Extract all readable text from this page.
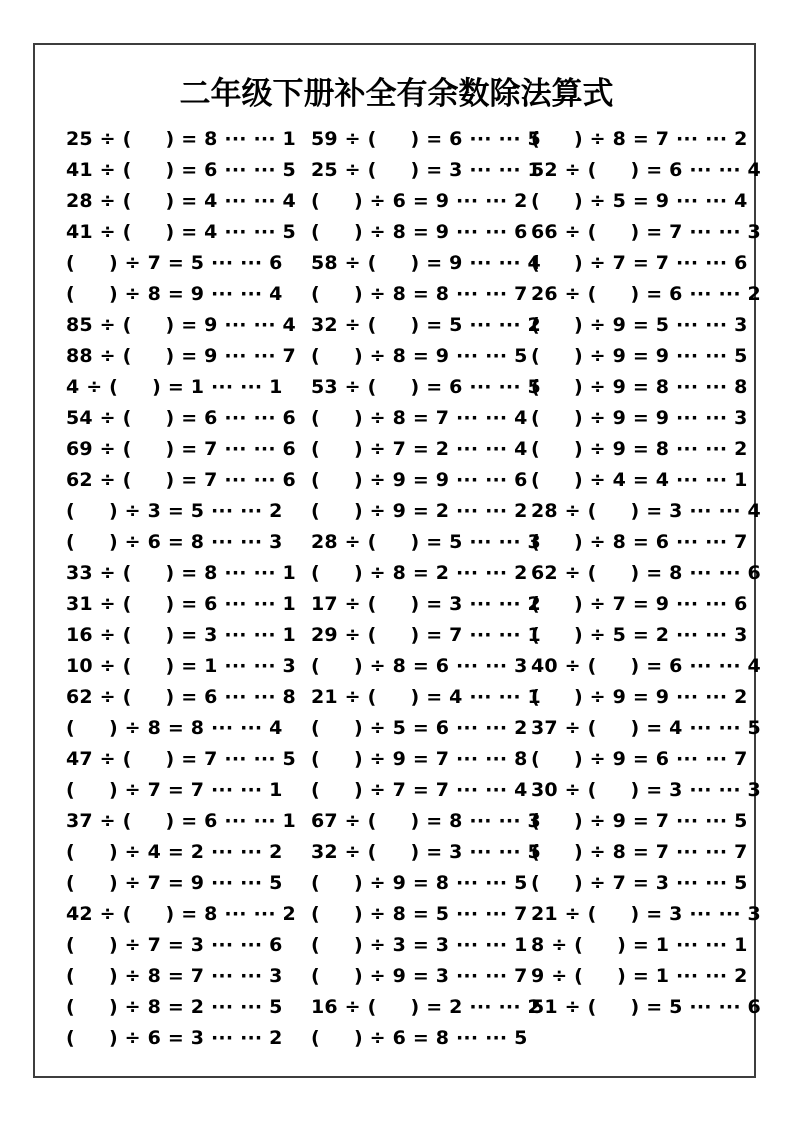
二年级下册补全有余数除法算式
25 ÷ (     ) = 8 ··· ··· 1
41 ÷ (     ) = 6 ··· ··· 5
28 ÷ (     ) = 4 ··· ··· 4
41 ÷ (     ) = 4 ··· ··· 5
(     ) ÷ 7 = 5 ··· ··· 6
(     ) ÷ 8 = 9 ··· ··· 4
85 ÷ (     ) = 9 ··· ··· 4
88 ÷ (     ) = 9 ··· ··· 7
4 ÷ (     ) = 1 ··· ··· 1
54 ÷ (     ) = 6 ··· ··· 6
69 ÷ (     ) = 7 ··· ··· 6
62 ÷ (     ) = 7 ··· ··· 6
(     ) ÷ 3 = 5 ··· ··· 2
(     ) ÷ 6 = 8 ··· ··· 3
33 ÷ (     ) = 8 ··· ··· 1
31 ÷ (     ) = 6 ··· ··· 1
16 ÷ (     ) = 3 ··· ··· 1
10 ÷ (     ) = 1 ··· ··· 3
62 ÷ (     ) = 6 ··· ··· 8
(     ) ÷ 8 = 8 ··· ··· 4
47 ÷ (     ) = 7 ··· ··· 5
(     ) ÷ 7 = 7 ··· ··· 1
37 ÷ (     ) = 6 ··· ··· 1
(     ) ÷ 4 = 2 ··· ··· 2
(     ) ÷ 7 = 9 ··· ··· 5
42 ÷ (     ) = 8 ··· ··· 2
(     ) ÷ 7 = 3 ··· ··· 6
(     ) ÷ 8 = 7 ··· ··· 3
(     ) ÷ 8 = 2 ··· ··· 5
(     ) ÷ 6 = 3 ··· ··· 2
59 ÷ (     ) = 6 ··· ··· 5
25 ÷ (     ) = 3 ··· ··· 1
(     ) ÷ 6 = 9 ··· ··· 2
(     ) ÷ 8 = 9 ··· ··· 6
58 ÷ (     ) = 9 ··· ··· 4
(     ) ÷ 8 = 8 ··· ··· 7
32 ÷ (     ) = 5 ··· ··· 2
(     ) ÷ 8 = 9 ··· ··· 5
53 ÷ (     ) = 6 ··· ··· 5
(     ) ÷ 8 = 7 ··· ··· 4
(     ) ÷ 7 = 2 ··· ··· 4
(     ) ÷ 9 = 9 ··· ··· 6
(     ) ÷ 9 = 2 ··· ··· 2
28 ÷ (     ) = 5 ··· ··· 3
(     ) ÷ 8 = 2 ··· ··· 2
17 ÷ (     ) = 3 ··· ··· 2
29 ÷ (     ) = 7 ··· ··· 1
(     ) ÷ 8 = 6 ··· ··· 3
21 ÷ (     ) = 4 ··· ··· 1
(     ) ÷ 5 = 6 ··· ··· 2
(     ) ÷ 9 = 7 ··· ··· 8
(     ) ÷ 7 = 7 ··· ··· 4
67 ÷ (     ) = 8 ··· ··· 3
32 ÷ (     ) = 3 ··· ··· 5
(     ) ÷ 9 = 8 ··· ··· 5
(     ) ÷ 8 = 5 ··· ··· 7
(     ) ÷ 3 = 3 ··· ··· 1
(     ) ÷ 9 = 3 ··· ··· 7
16 ÷ (     ) = 2 ··· ··· 2
(     ) ÷ 6 = 8 ··· ··· 5
(     ) ÷ 8 = 7 ··· ··· 2
52 ÷ (     ) = 6 ··· ··· 4
(     ) ÷ 5 = 9 ··· ··· 4
66 ÷ (     ) = 7 ··· ··· 3
(     ) ÷ 7 = 7 ··· ··· 6
26 ÷ (     ) = 6 ··· ··· 2
(     ) ÷ 9 = 5 ··· ··· 3
(     ) ÷ 9 = 9 ··· ··· 5
(     ) ÷ 9 = 8 ··· ··· 8
(     ) ÷ 9 = 9 ··· ··· 3
(     ) ÷ 9 = 8 ··· ··· 2
(     ) ÷ 4 = 4 ··· ··· 1
28 ÷ (     ) = 3 ··· ··· 4
(     ) ÷ 8 = 6 ··· ··· 7
62 ÷ (     ) = 8 ··· ··· 6
(     ) ÷ 7 = 9 ··· ··· 6
(     ) ÷ 5 = 2 ··· ··· 3
40 ÷ (     ) = 6 ··· ··· 4
(     ) ÷ 9 = 9 ··· ··· 2
37 ÷ (     ) = 4 ··· ··· 5
(     ) ÷ 9 = 6 ··· ··· 7
30 ÷ (     ) = 3 ··· ··· 3
(     ) ÷ 9 = 7 ··· ··· 5
(     ) ÷ 8 = 7 ··· ··· 7
(     ) ÷ 7 = 3 ··· ··· 5
21 ÷ (     ) = 3 ··· ··· 3
8 ÷ (     ) = 1 ··· ··· 1
9 ÷ (     ) = 1 ··· ··· 2
51 ÷ (     ) = 5 ··· ··· 6
